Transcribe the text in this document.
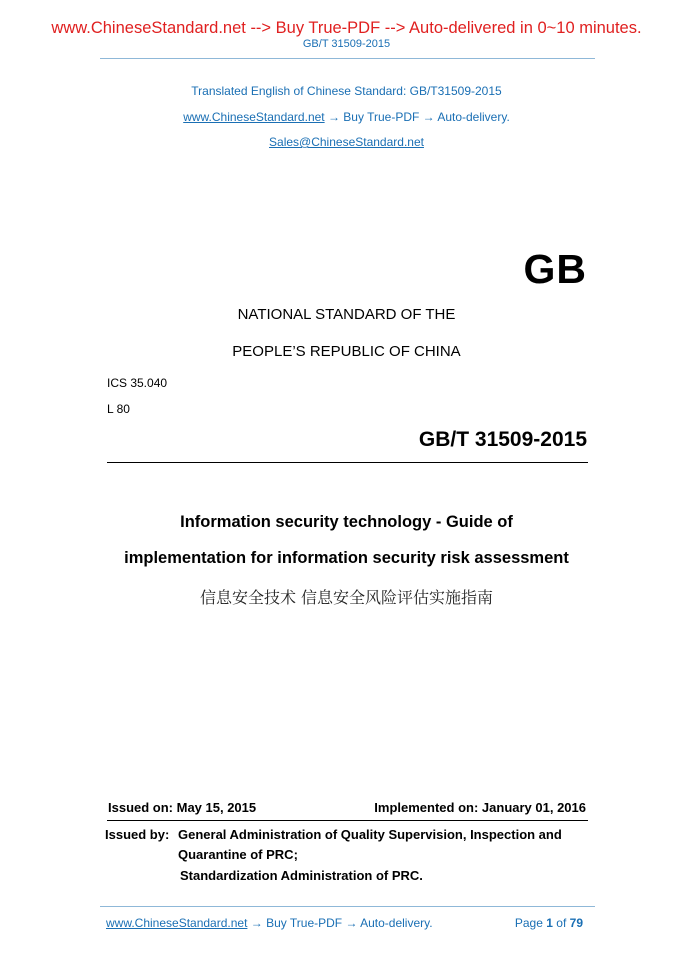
www.ChineseStandard.net --> Buy True-PDF --> Auto-delivered in 0~10 minutes.
GB/T 31509-2015
Translated English of Chinese Standard: GB/T31509-2015
www.ChineseStandard.net → Buy True-PDF → Auto-delivery.
Sales@ChineseStandard.net
GB
NATIONAL STANDARD OF THE
PEOPLE’S REPUBLIC OF CHINA
ICS 35.040
L 80
GB/T 31509-2015
Information security technology - Guide of
implementation for information security risk assessment
信息安全技术 信息安全风险评估实施指南
Issued on: May 15, 2015	Implemented on: January 01, 2016
Issued by: General Administration of Quality Supervision, Inspection and
Quarantine of PRC;
Standardization Administration of PRC.
www.ChineseStandard.net → Buy True-PDF → Auto-delivery.	Page 1 of 79
